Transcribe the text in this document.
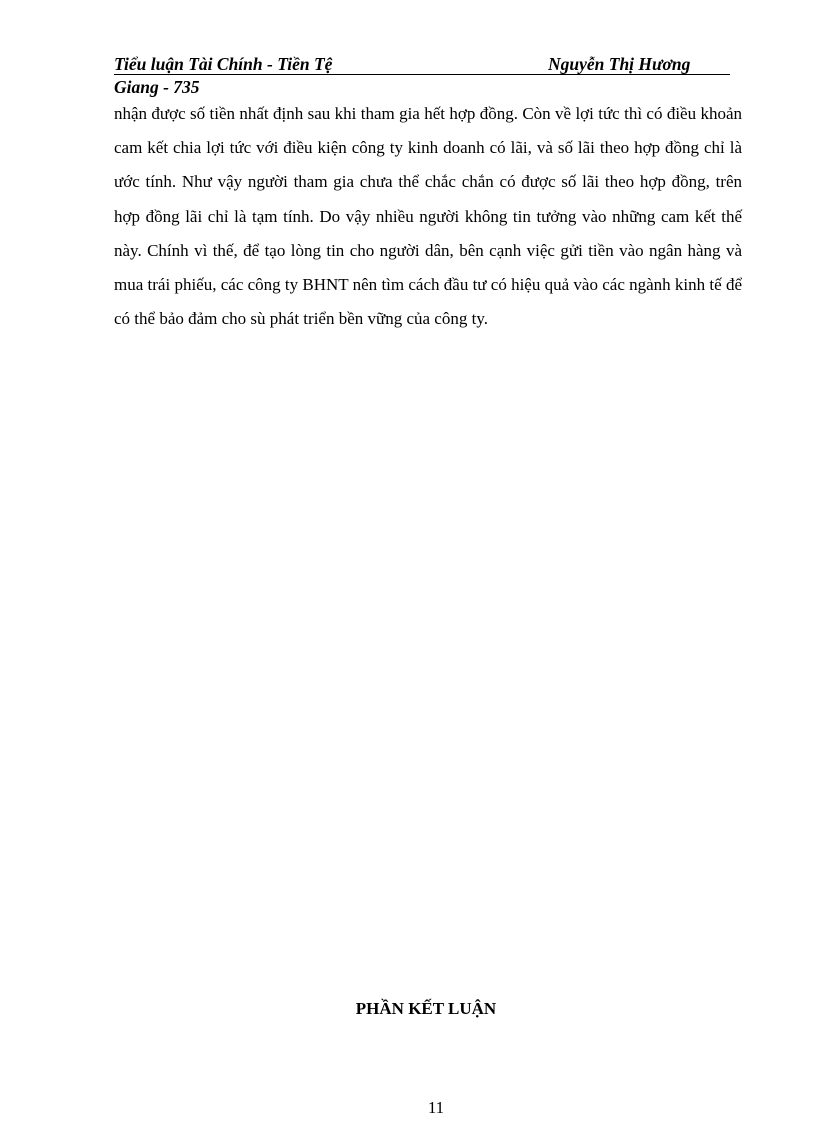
Tiểu luận Tài Chính - Tiền Tệ	Nguyễn Thị Hương
Giang - 735

nhận được số tiền nhất định sau khi tham gia hết hợp đồng. Còn về lợi tức thì có điều khoản cam kết chia lợi tức với điều kiện công ty kinh doanh có lãi, và số lãi theo hợp đồng chỉ là ước tính. Như vậy người tham gia chưa thể chắc chắn có được số lãi theo hợp đồng, trên hợp đồng lãi chỉ là tạm tính. Do vậy nhiều người không tin tưởng vào những cam kết thế này. Chính vì thế, để tạo lòng tin cho người dân, bên cạnh việc gửi tiền vào ngân hàng và mua trái phiếu, các công ty BHNT nên tìm cách đầu tư có hiệu quả vào các ngành kinh tế để có thể bảo đảm cho sù phát triển bền vững của công ty.

PHẦN KẾT LUẬN
11
